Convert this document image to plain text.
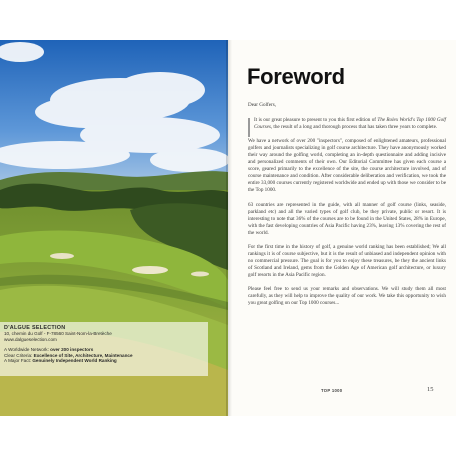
D'ALGUE SELECTION
10, chemin du Golf - F-78560 Saint-Nom-la-Bretèche
www.dalgueselection.com
A Worldwide Network: over 200 inspectors
Clear Criteria: Excellence of Site, Architecture, Maintenance
A Major Fact: Genuinely Independent World Ranking
Foreword

Dear Golfers,

It is our great pleasure to present to you this first edition of The Rolex World's Top 1000 Golf Courses, the result of a long and thorough process that has taken three years to complete.

We have a network of over 200 "inspectors", composed of enlightened amateurs, professional golfers and journalists specializing in golf course architecture. They have anonymously worked their way around the golfing world, completing an in-depth questionnaire and adding incisive and personalized comments of their own. Our Editorial Committee has given each course a score, geared primarily to the excellence of the site, the course architecture involved, and of course maintenance and condition. After considerable deliberation and verification, we took the entire 33,000 courses currently registered worldwide and ended up with those we consider to be the Top 1000.

63 countries are represented in the guide, with all manner of golf course (links, seaside, parkland etc) and all the varied types of golf club, be they private, public or resort. It is interesting to note that 36% of the courses are to be found in the United States, 28% in Europe, with the fast developing countries of Asia Pacific having 23%, leaving 13% covering the rest of the world.

For the first time in the history of golf, a genuine world ranking has been established; We all rankings it is of course subjective, but it is the result of unbiased and independent opinion with no commercial pressure. The goal is for you to enjoy these treasures, be they the ancient links of Scotland and Ireland, gems from the Golden Age of American golf architecture, or luxury golf resorts in the Asia Pacific region.

Please feel free to send us your remarks and observations. We will study them all most carefully, as they will help to improve the quality of our work. We take this opportunity to wish you great golfing on our Top 1000 courses...

TOP 1000	15
